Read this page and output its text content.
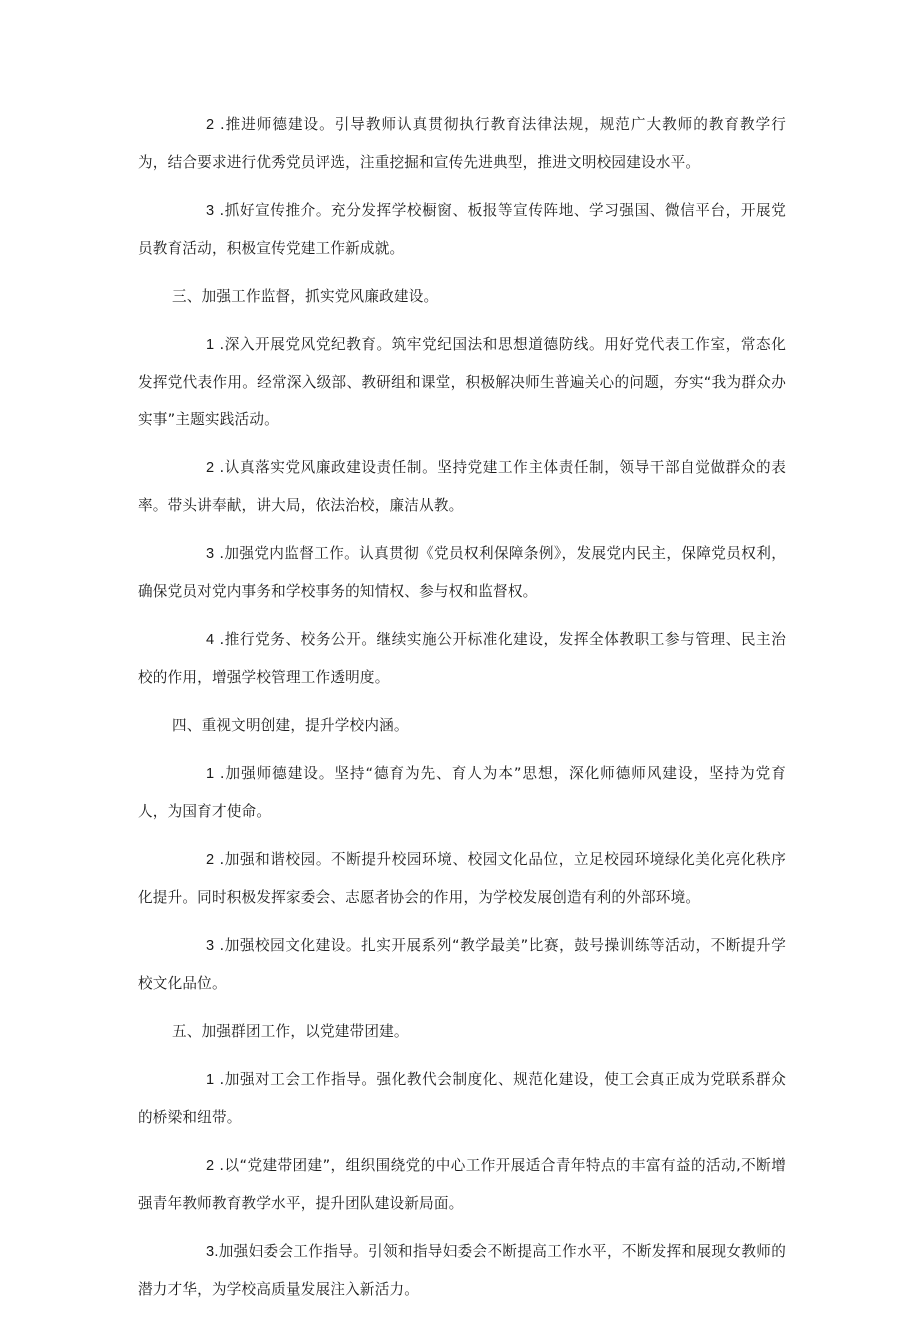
2 .推进师德建设。引导教师认真贯彻执行教育法律法规，规范广大教师的教育教学行为，结合要求进行优秀党员评选，注重挖掘和宣传先进典型，推进文明校园建设水平。

3 .抓好宣传推介。充分发挥学校橱窗、板报等宣传阵地、学习强国、微信平台，开展党员教育活动，积极宣传党建工作新成就。

三、加强工作监督，抓实党风廉政建设。

1 .深入开展党风党纪教育。筑牢党纪国法和思想道德防线。用好党代表工作室，常态化发挥党代表作用。经常深入级部、教研组和课堂，积极解决师生普遍关心的问题，夯实“我为群众办实事”主题实践活动。

2 .认真落实党风廉政建设责任制。坚持党建工作主体责任制，领导干部自觉做群众的表率。带头讲奉献，讲大局，依法治校，廉洁从教。

3 .加强党内监督工作。认真贯彻《党员权利保障条例》，发展党内民主，保障党员权利，确保党员对党内事务和学校事务的知情权、参与权和监督权。

4 .推行党务、校务公开。继续实施公开标准化建设，发挥全体教职工参与管理、民主治校的作用，增强学校管理工作透明度。

四、重视文明创建，提升学校内涵。

1 .加强师德建设。坚持“德育为先、育人为本”思想，深化师德师风建设，坚持为党育人，为国育才使命。

2 .加强和谐校园。不断提升校园环境、校园文化品位，立足校园环境绿化美化亮化秩序化提升。同时积极发挥家委会、志愿者协会的作用，为学校发展创造有利的外部环境。

3 .加强校园文化建设。扎实开展系列“教学最美”比赛，鼓号操训练等活动，不断提升学校文化品位。

五、加强群团工作，以党建带团建。

1 .加强对工会工作指导。强化教代会制度化、规范化建设，使工会真正成为党联系群众的桥梁和纽带。

2 .以“党建带团建”，组织围绕党的中心工作开展适合青年特点的丰富有益的活动,不断增强青年教师教育教学水平，提升团队建设新局面。

3.加强妇委会工作指导。引领和指导妇委会不断提高工作水平，不断发挥和展现女教师的潜力才华，为学校高质量发展注入新活力。
